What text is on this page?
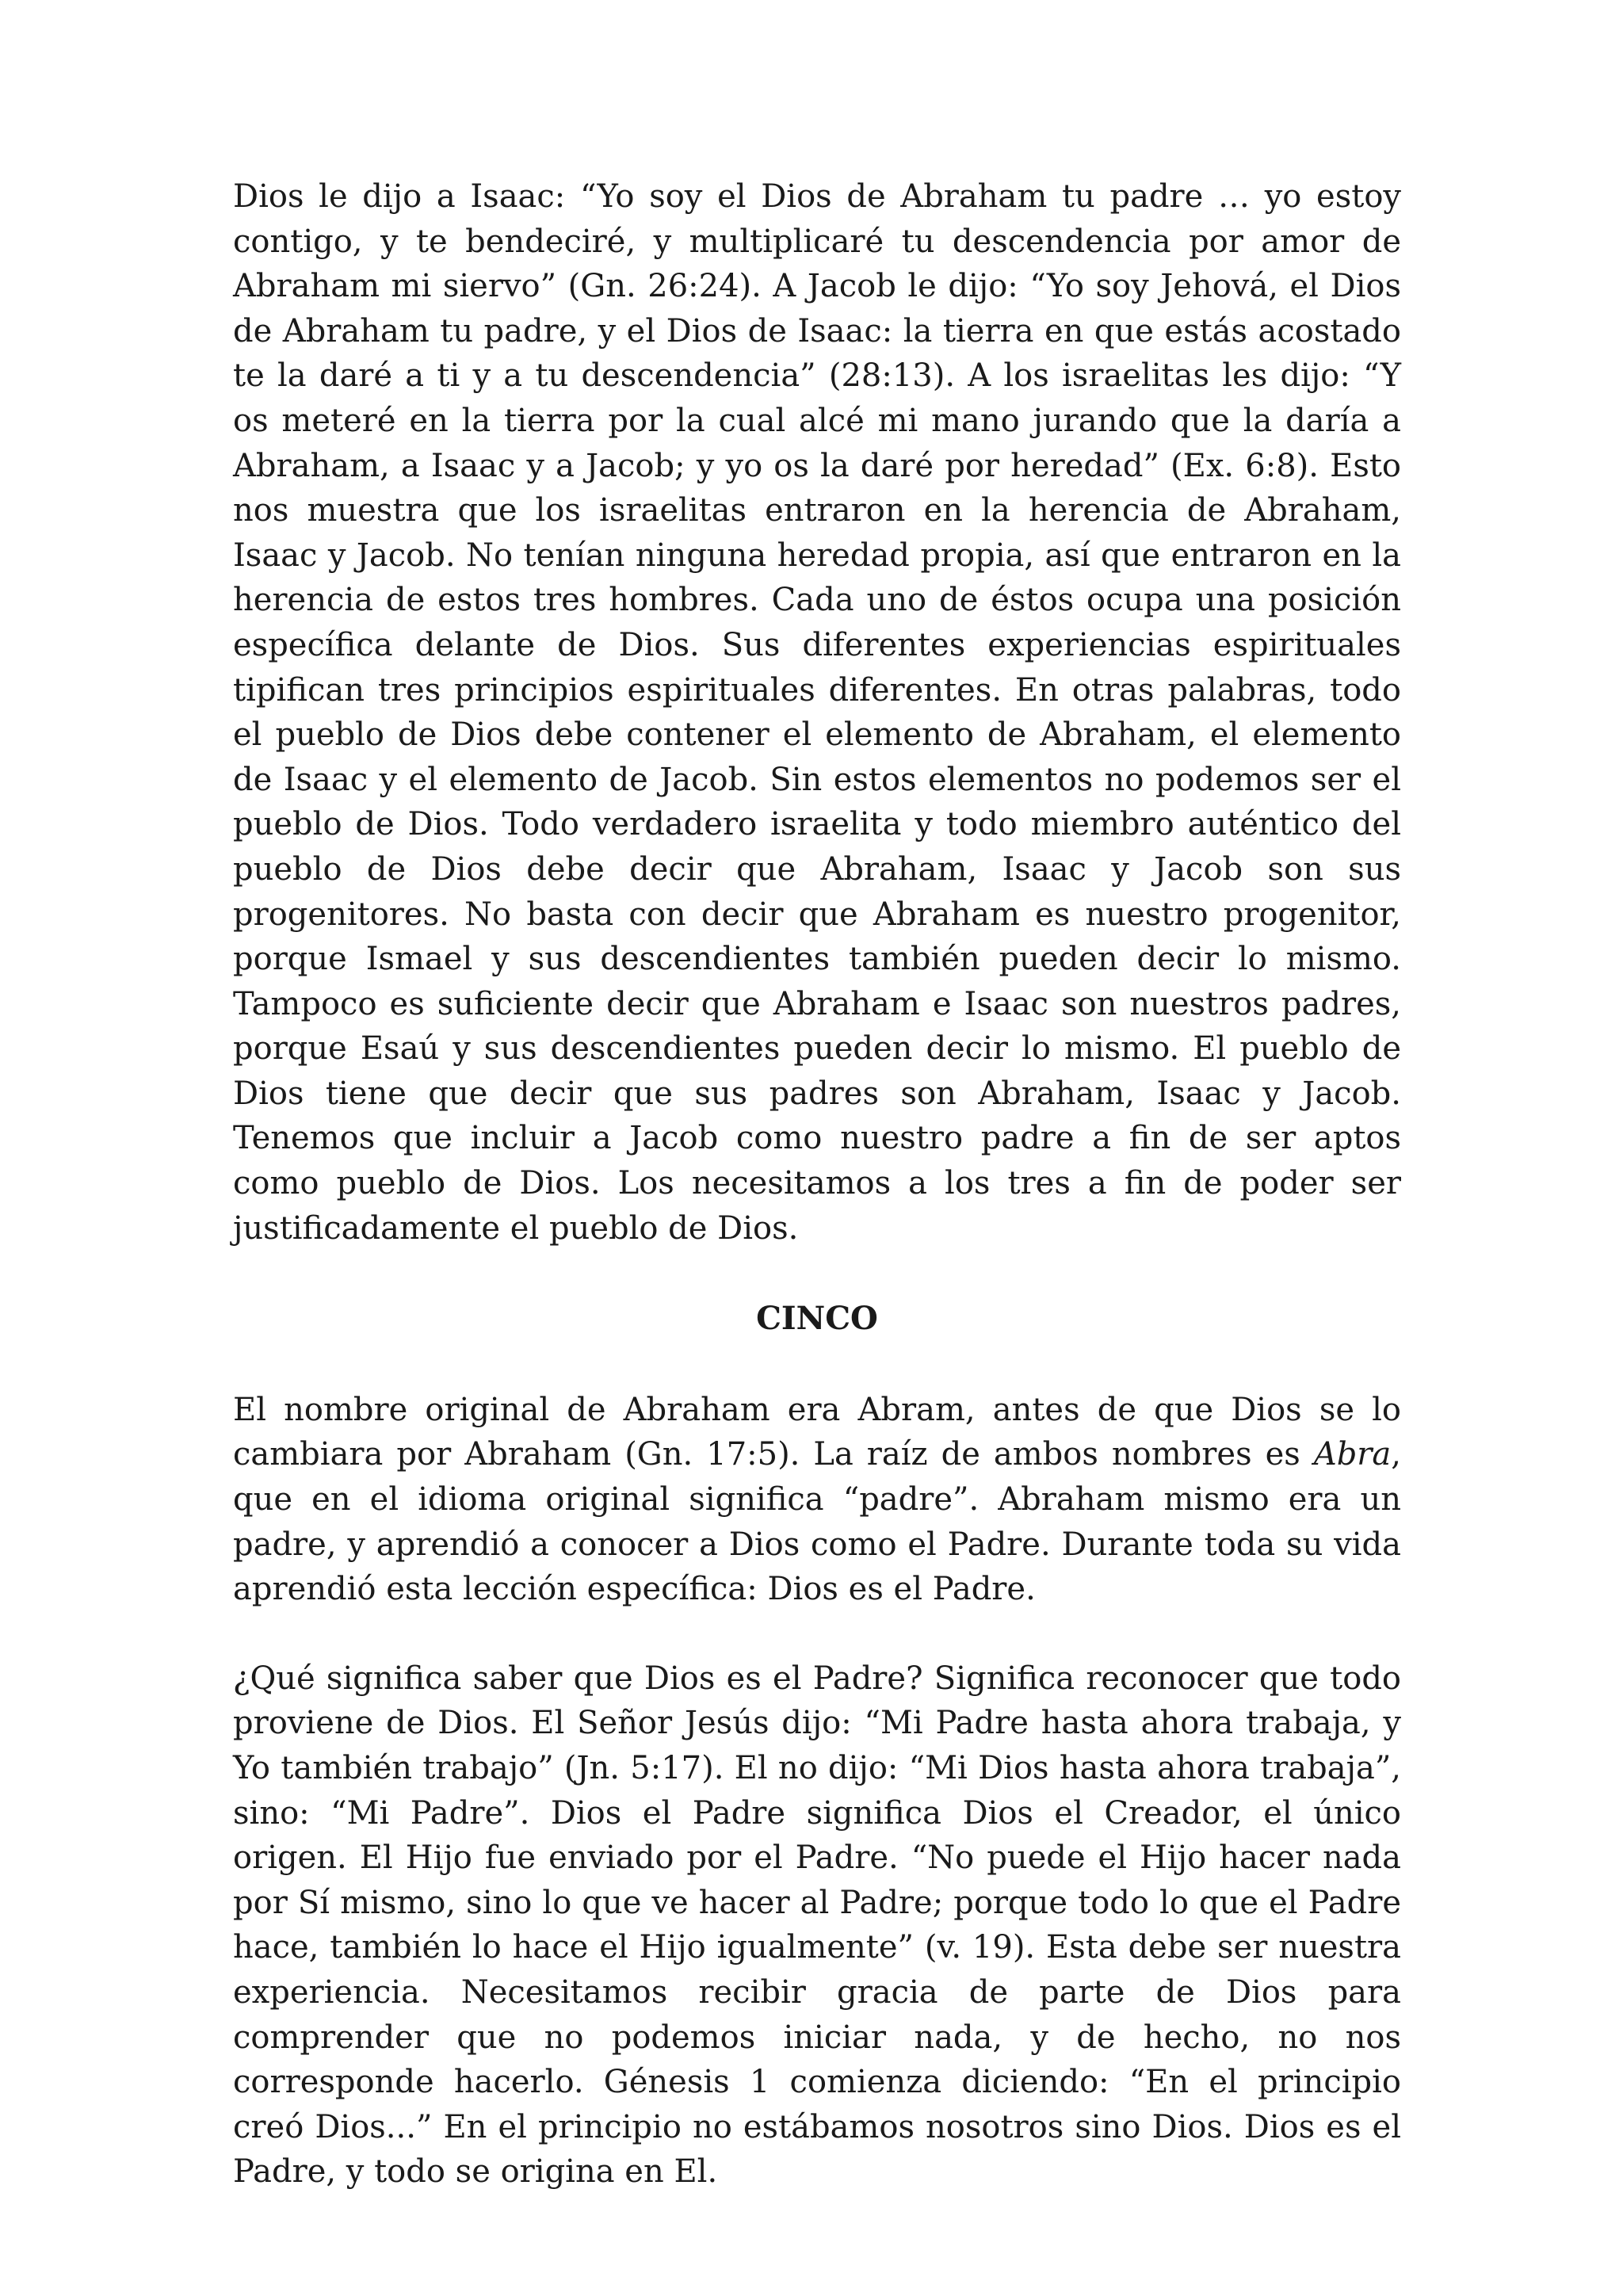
Dios le dijo a Isaac: “Yo soy el Dios de Abraham tu padre … yo estoy contigo, y te bendeciré, y multiplicaré tu descendencia por amor de Abraham mi siervo” (Gn. 26:24). A Jacob le dijo: “Yo soy Jehová, el Dios de Abraham tu padre, y el Dios de Isaac: la tierra en que estás acostado te la daré a ti y a tu descendencia” (28:13). A los israelitas les dijo: “Y os meteré en la tierra por la cual alcé mi mano jurando que la daría a Abraham, a Isaac y a Jacob; y yo os la daré por heredad” (Ex. 6:8). Esto nos muestra que los israelitas entraron en la herencia de Abraham, Isaac y Jacob. No tenían ninguna heredad propia, así que entraron en la herencia de estos tres hombres. Cada uno de éstos ocupa una posición específica delante de Dios. Sus diferentes experiencias espirituales tipifican tres principios espirituales diferentes. En otras palabras, todo el pueblo de Dios debe contener el elemento de Abraham, el elemento de Isaac y el elemento de Jacob. Sin estos elementos no podemos ser el pueblo de Dios. Todo verdadero israelita y todo miembro auténtico del pueblo de Dios debe decir que Abraham, Isaac y Jacob son sus progenitores. No basta con decir que Abraham es nuestro progenitor, porque Ismael y sus descendientes también pueden decir lo mismo. Tampoco es suficiente decir que Abraham e Isaac son nuestros padres, porque Esaú y sus descendientes pueden decir lo mismo. El pueblo de Dios tiene que decir que sus padres son Abraham, Isaac y Jacob. Tenemos que incluir a Jacob como nuestro padre a fin de ser aptos como pueblo de Dios. Los necesitamos a los tres a fin de poder ser justificadamente el pueblo de Dios.

CINCO

El nombre original de Abraham era Abram, antes de que Dios se lo cambiara por Abraham (Gn. 17:5). La raíz de ambos nombres es Abra, que en el idioma original significa “padre”. Abraham mismo era un padre, y aprendió a conocer a Dios como el Padre. Durante toda su vida aprendió esta lección específica: Dios es el Padre.

¿Qué significa saber que Dios es el Padre? Significa reconocer que todo proviene de Dios. El Señor Jesús dijo: “Mi Padre hasta ahora trabaja, y Yo también trabajo” (Jn. 5:17). El no dijo: “Mi Dios hasta ahora trabaja”, sino: “Mi Padre”. Dios el Padre significa Dios el Creador, el único origen. El Hijo fue enviado por el Padre. “No puede el Hijo hacer nada por Sí mismo, sino lo que ve hacer al Padre; porque todo lo que el Padre hace, también lo hace el Hijo igualmente” (v. 19). Esta debe ser nuestra experiencia. Necesitamos recibir gracia de parte de Dios para comprender que no podemos iniciar nada, y de hecho, no nos corresponde hacerlo. Génesis 1 comienza diciendo: “En el principio creó Dios...” En el principio no estábamos nosotros sino Dios. Dios es el Padre, y todo se origina en El.
